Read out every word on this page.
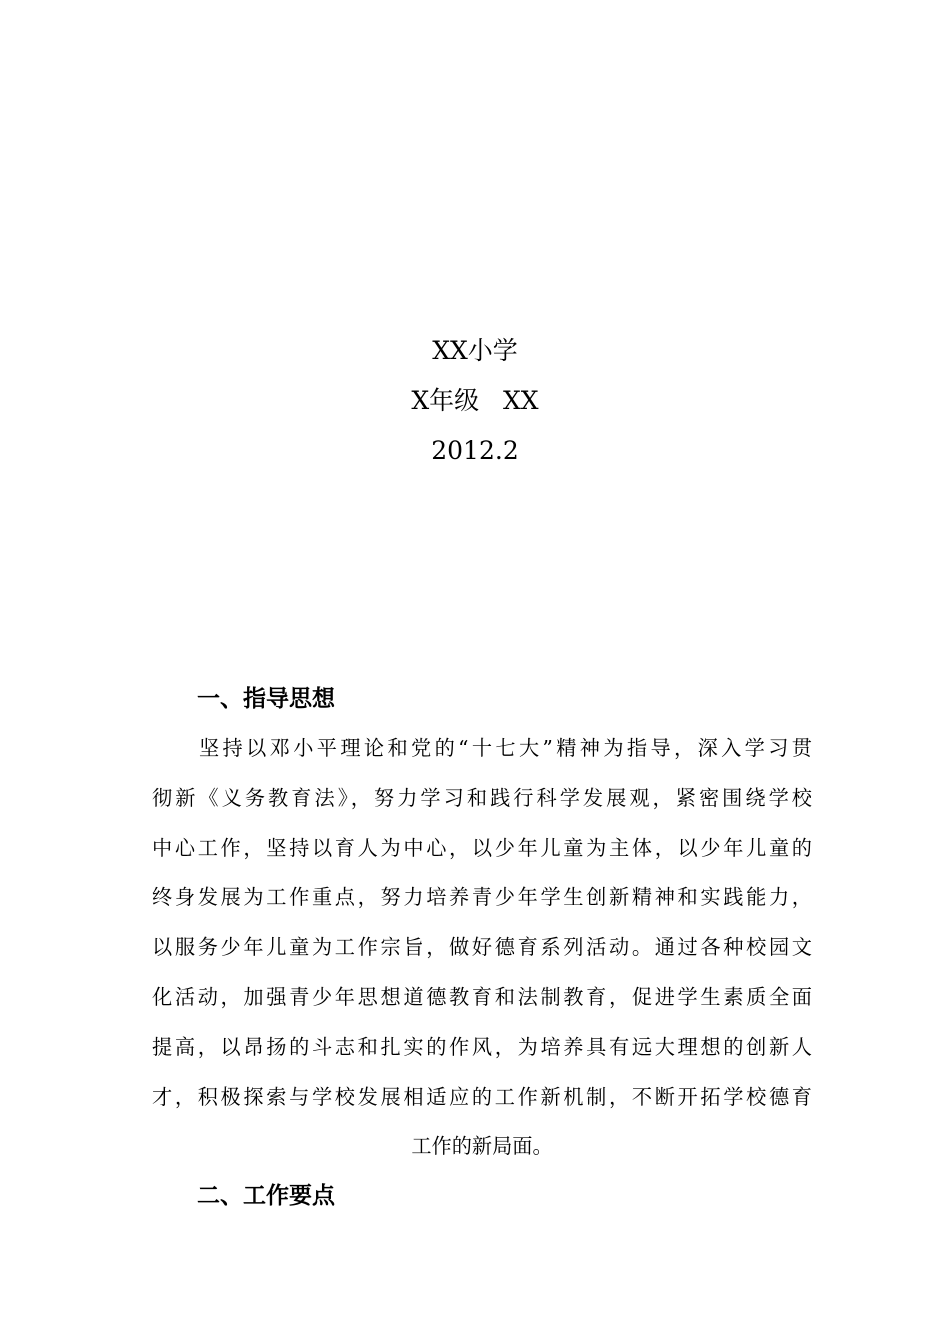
XX小学
X年级   XX
2012.2
一、指导思想
坚持以邓小平理论和党的“十七大”精神为指导，深入学习贯
彻新《义务教育法》，努力学习和践行科学发展观，紧密围绕学校
中心工作，坚持以育人为中心，以少年儿童为主体，以少年儿童的
终身发展为工作重点，努力培养青少年学生创新精神和实践能力，
以服务少年儿童为工作宗旨，做好德育系列活动。通过各种校园文
化活动，加强青少年思想道德教育和法制教育，促进学生素质全面
提高，以昂扬的斗志和扎实的作风，为培养具有远大理想的创新人
才，积极探索与学校发展相适应的工作新机制，不断开拓学校德育
工作的新局面。
二、工作要点
